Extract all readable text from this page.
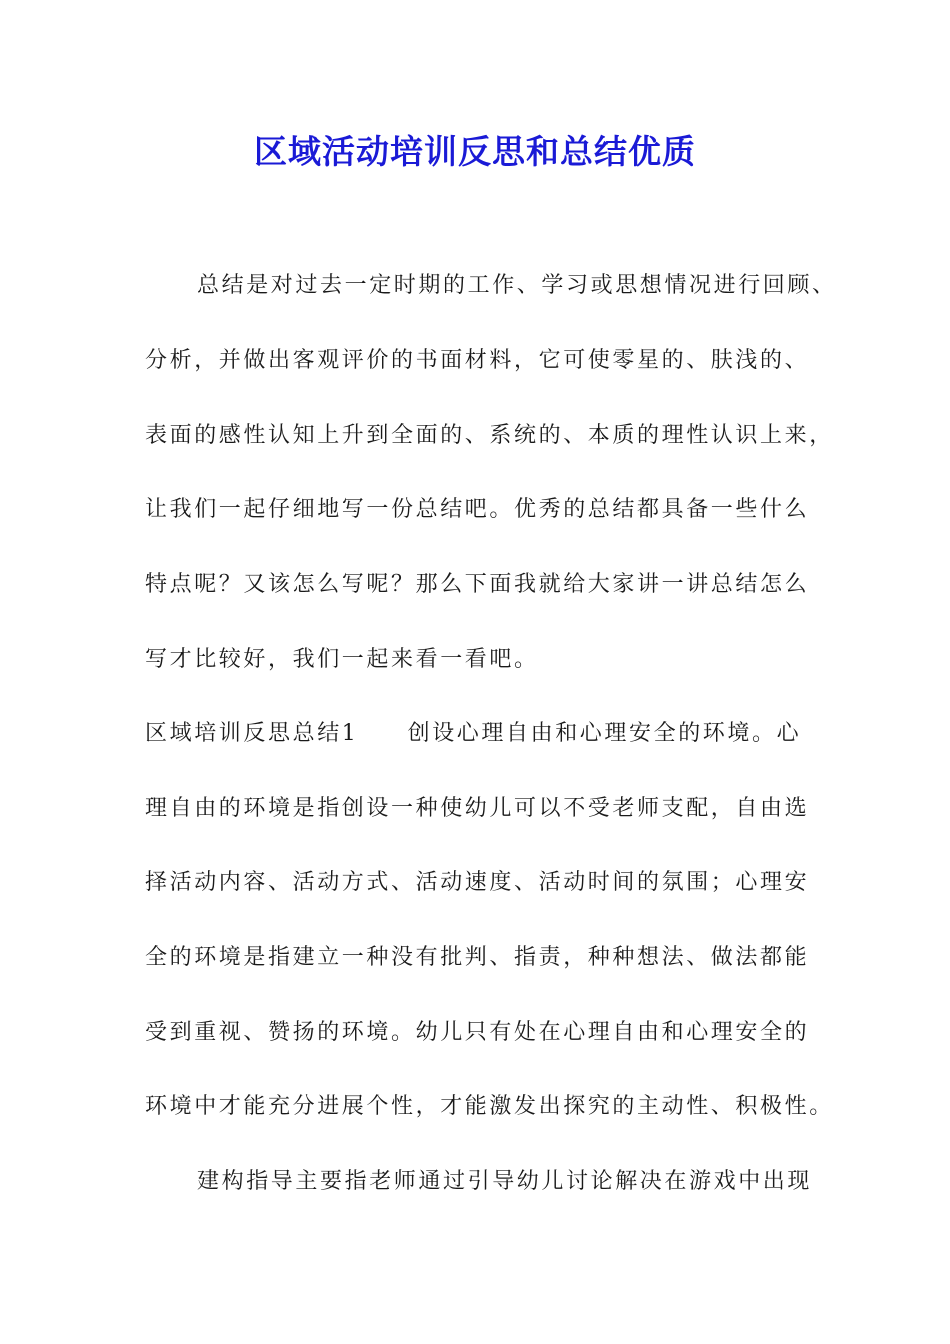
区域活动培训反思和总结优质
总结是对过去一定时期的工作、学习或思想情况进行回顾、
分析，并做出客观评价的书面材料，它可使零星的、肤浅的、
表面的感性认知上升到全面的、系统的、本质的理性认识上来，
让我们一起仔细地写一份总结吧。优秀的总结都具备一些什么
特点呢？又该怎么写呢？那么下面我就给大家讲一讲总结怎么
写才比较好，我们一起来看一看吧。
区域培训反思总结1　　创设心理自由和心理安全的环境。心
理自由的环境是指创设一种使幼儿可以不受老师支配，自由选
择活动内容、活动方式、活动速度、活动时间的氛围；心理安
全的环境是指建立一种没有批判、指责，种种想法、做法都能
受到重视、赞扬的环境。幼儿只有处在心理自由和心理安全的
环境中才能充分进展个性，才能激发出探究的主动性、积极性。
建构指导主要指老师通过引导幼儿讨论解决在游戏中出现
